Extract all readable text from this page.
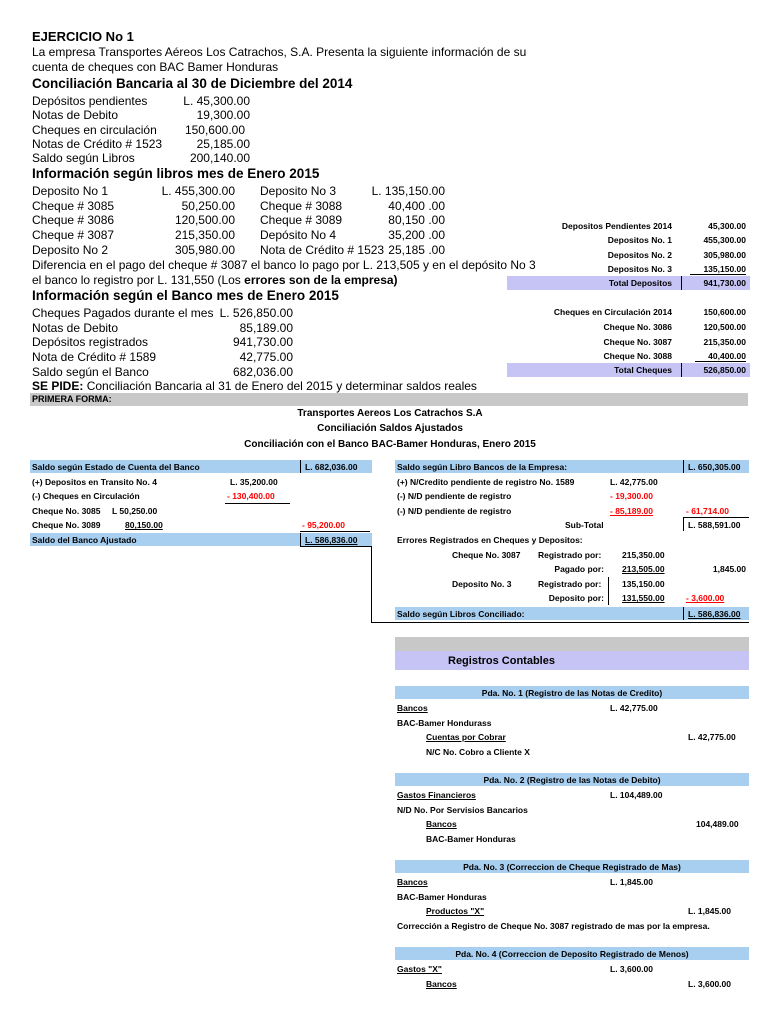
EJERCICIO No 1
La empresa Transportes Aéreos Los Catrachos, S.A. Presenta la siguiente información de su
cuenta de cheques con BAC Bamer Honduras
Conciliación Bancaria al 30 de Diciembre del 2014
Depósitos pendientes	L. 45,300.00
Notas de Debito	19,300.00
Cheques en circulación	150,600.00
Notas de Crédito # 1523	25,185.00
Saldo según Libros	200,140.00
Información según libros mes de Enero 2015
Deposito No 1	L. 455,300.00
Cheque # 3085	50,250.00
Cheque # 3086	120,500.00
Cheque # 3087	215,350.00
Deposito No 2	305,980.00
Deposito No 3	L. 135,150.00
Cheque # 3088	40,400 .00
Cheque # 3089	80,150 .00
Depósito No 4	35,200 .00
Nota de Crédito # 1523 25,185 .00
Diferencia en el pago del cheque # 3087 el banco lo pago por L. 213,505 y en el depósito No 3
el banco lo registro por L. 131,550 (Los errores son de la empresa)
Información según el Banco mes de Enero 2015
Cheques Pagados durante el mes L. 526,850.00
Notas de Debito	85,189.00
Depósitos registrados	941,730.00
Nota de Crédito # 1589	42,775.00
Saldo según el Banco	682,036.00
SE PIDE: Conciliación Bancaria al 31 de Enero del 2015 y determinar saldos reales
Depositos Pendientes 2014	45,300.00
Depositos No. 1	455,300.00
Depositos No. 2	305,980.00
Depositos No. 3	135,150.00
Total Depositos	941,730.00
Cheques en Circulación 2014	150,600.00
Cheque No. 3086	120,500.00
Cheque No. 3087	215,350.00
Cheque No. 3088	40,400.00
Total Cheques	526,850.00
PRIMERA FORMA:
Transportes Aereos Los Catrachos S.A
Conciliación Saldos Ajustados
Conciliación con el Banco BAC-Bamer Honduras, Enero 2015
Saldo según Estado de Cuenta del Banco	L. 682,036.00
(+) Depositos en Transito No. 4	L. 35,200.00
(-) Cheques en Circulación	- 130,400.00
Cheque No. 3085 L 50,250.00
Cheque No. 3089	80,150.00	- 95,200.00
Saldo del Banco Ajustado	L. 586,836.00
Saldo según Libro Bancos de la Empresa:	L. 650,305.00
(+) N/Credito pendiente de registro No. 1589	L. 42,775.00
(-) N/D pendiente de registro	- 19,300.00
(-) N/D pendiente de registro	- 85,189.00	- 61,714.00
Sub-Total	L. 588,591.00
Errores Registrados en Cheques y Depositos:
Cheque No. 3087 Registrado por: 215,350.00
Pagado por: 213,505.00	1,845.00
Deposito No. 3	Registrado por: 135,150.00
Deposito por: 131,550.00	- 3,600.00
Saldo según Libros Conciliado:	L. 586,836.00
Registros Contables
Pda. No. 1 (Registro de las Notas de Credito)
Bancos	L. 42,775.00
BAC-Bamer Hondurass
Cuentas por Cobrar	L. 42,775.00
N/C No. Cobro a Cliente X
Pda. No. 2 (Registro de las Notas de Debito)
Gastos Financieros	L. 104,489.00
N/D No. Por Servisios Bancarios
Bancos	104,489.00
BAC-Bamer Honduras
Pda. No. 3 (Correccion de Cheque Registrado de Mas)
Bancos	L. 1,845.00
BAC-Bamer Honduras
Productos "X"	L. 1,845.00
Corrección a Registro de Cheque No. 3087 registrado de mas por la empresa.
Pda. No. 4 (Correccion de Deposito Registrado de Menos)
Gastos "X"	L. 3,600.00
Bancos	L. 3,600.00
